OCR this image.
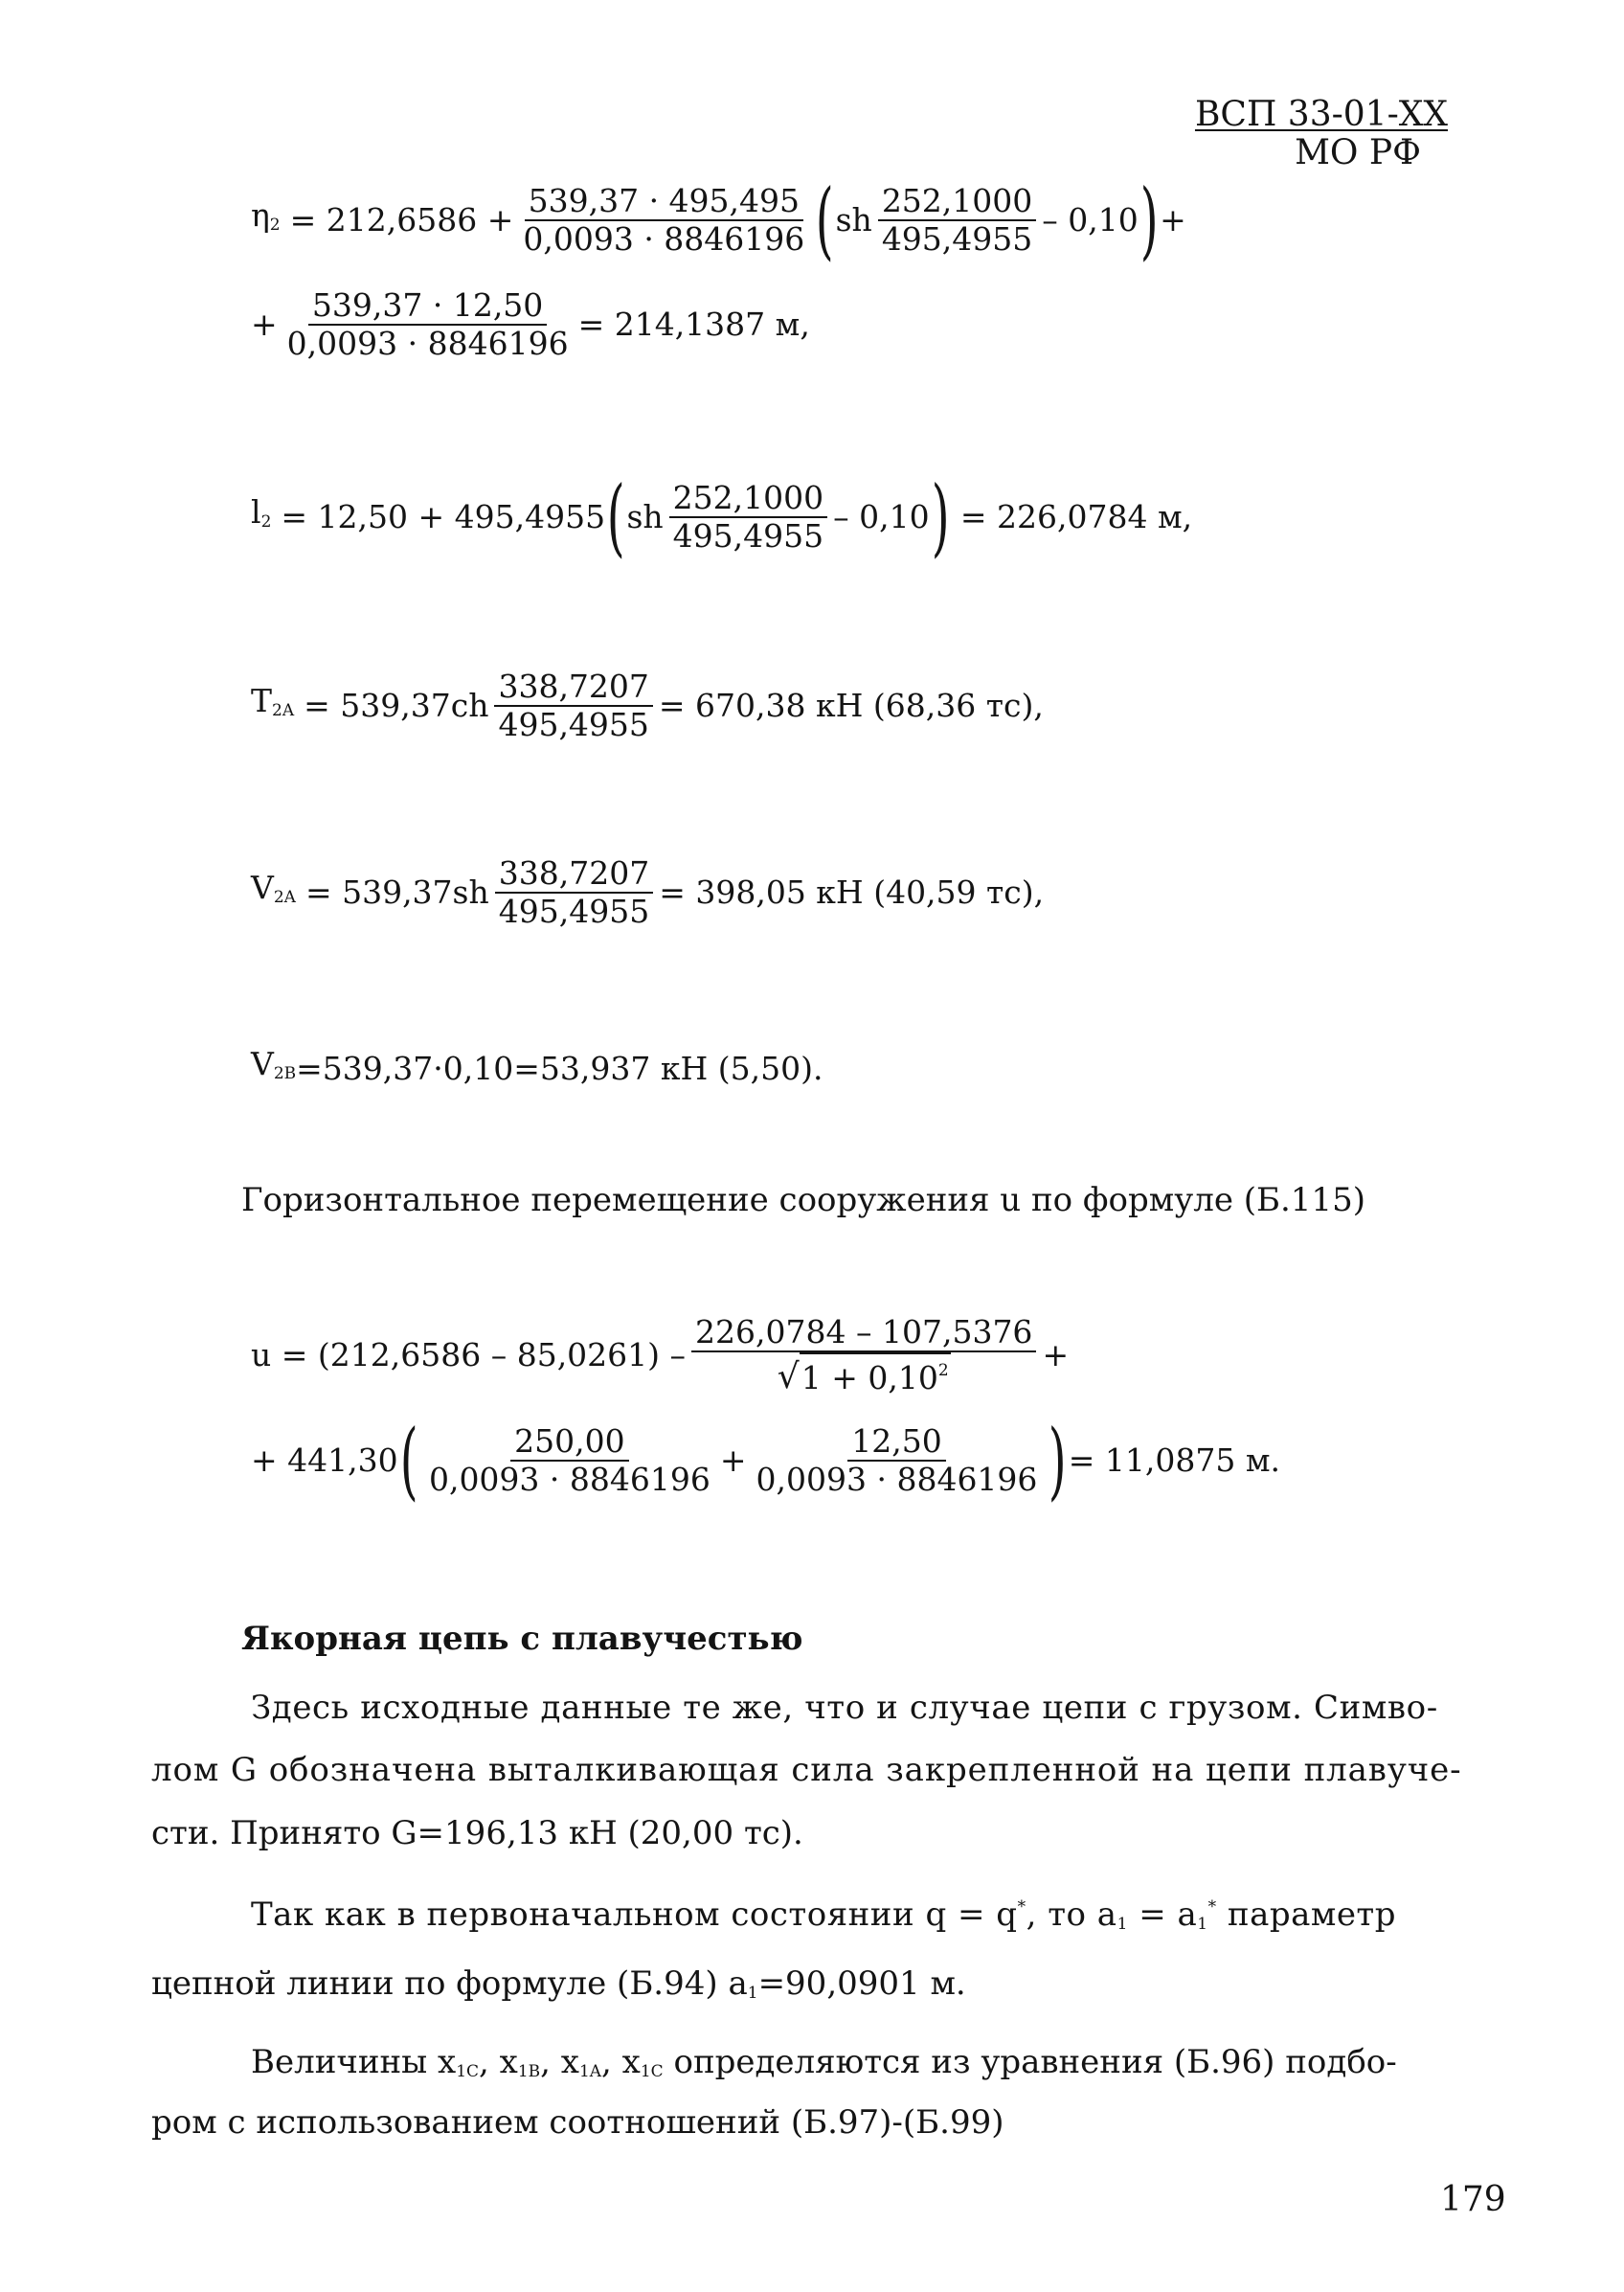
ВСП 33-01-XX
МО РФ
$\eta_2 = 212,6586 + \frac{539,37 \cdot 495,495}{0,0093 \cdot 8846196}$ ( sh $\frac{252,1000}{495,4955} - 0,10$ ) +
+ $\frac{539,37 \cdot 12,50}{0,0093 \cdot 8846196} = 214,1387$ м,
$l_2 = 12,50 + 495,4955$ ( sh $\frac{252,1000}{495,4955} - 0,10$ ) = 226,0784 м,
$T_{2A} = 539,37ch \frac{338,7207}{495,4955} = 670,38$ кН (68,36 тс),
$V_{2A} = 539,37sh \frac{338,7207}{495,4955} = 398,05$ кН (40,59 тс),
$V_{2B} =539,37\cdot 0,10=53,937$ кН (5,50).
Горизонтальное перемещение сооружения u по формуле (Б.115)
$u = (212,6586 - 85,0261) - \frac{226,0784 - 107,5376}{√ 1 + 0,10^2}$ +
+ 441,30 ( $\frac{250,00}{0,0093 \cdot 8846196} + \frac{12,50}{0,0093 \cdot 8846196}$ ) = 11,0875 м.
Якорная цепь с плавучестью
Здесь исходные данные те же, что и случае цепи с грузом. Симво-
лом G обозначена выталкивающая сила закрепленной на цепи плавуче-
сти. Принято G=196,13 кН (20,00 тс).
Так как в первоначальном состоянии q = q*, то $a_1 = a_1^*$ параметр
цепной линии по формуле (Б.94) $a_1=90,0901$ м.
Величины $x_{1C}$, $x_{1B}$, $x_{1A}$, $x_{1C}$ определяются из уравнения (Б.96) подбо-
ром с использованием соотношений (Б.97)-(Б.99)
179
